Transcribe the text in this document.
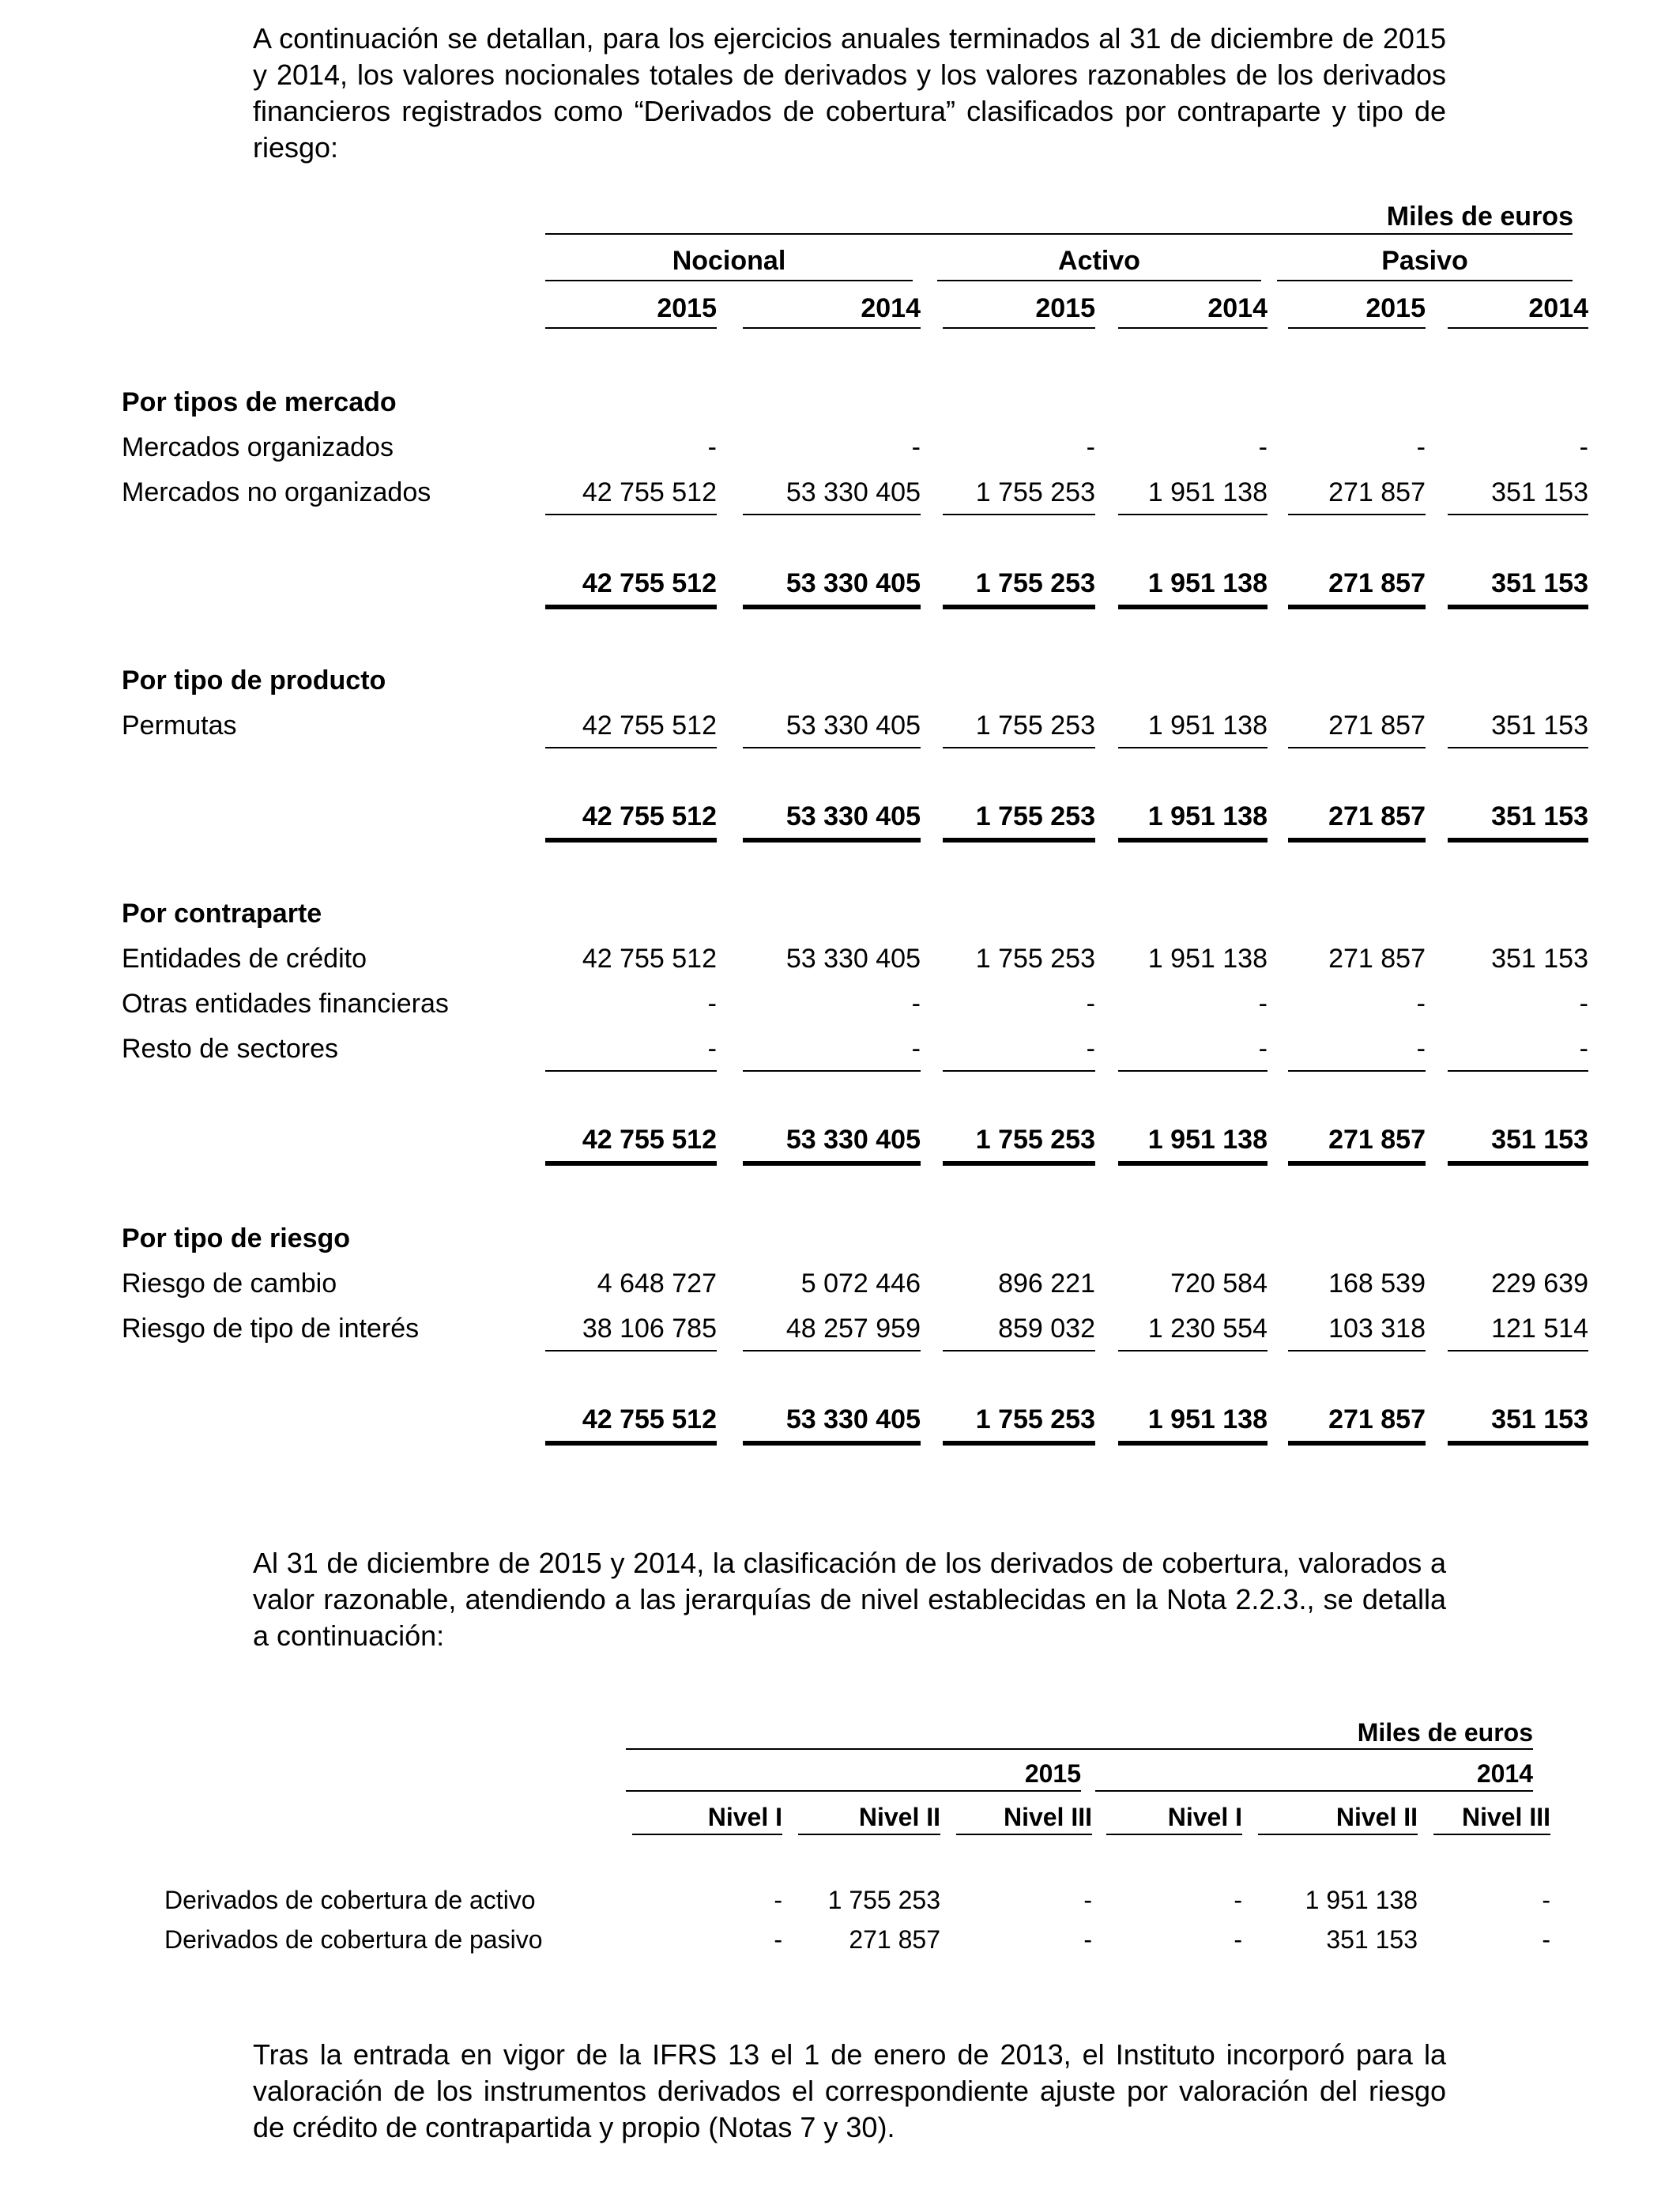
A continuación se detallan, para los ejercicios anuales terminados al 31 de diciembre de 2015 y 2014, los valores nocionales totales de derivados y los valores razonables de los derivados financieros registrados como “Derivados de cobertura” clasificados por contraparte y tipo de riesgo:

Miles de euros
Nocional	Activo	Pasivo
2015	2014	2015	2014	2015	2014
Por tipos de mercado
Mercados organizados	-	-	-	-	-	-
Mercados no organizados	42 755 512	53 330 405	1 755 253	1 951 138	271 857	351 153
42 755 512	53 330 405	1 755 253	1 951 138	271 857	351 153
Por tipo de producto
Permutas	42 755 512	53 330 405	1 755 253	1 951 138	271 857	351 153
42 755 512	53 330 405	1 755 253	1 951 138	271 857	351 153
Por contraparte
Entidades de crédito	42 755 512	53 330 405	1 755 253	1 951 138	271 857	351 153
Otras entidades financieras	-	-	-	-	-	-
Resto de sectores	-	-	-	-	-	-
42 755 512	53 330 405	1 755 253	1 951 138	271 857	351 153
Por tipo de riesgo
Riesgo de cambio	4 648 727	5 072 446	896 221	720 584	168 539	229 639
Riesgo de tipo de interés	38 106 785	48 257 959	859 032	1 230 554	103 318	121 514
42 755 512	53 330 405	1 755 253	1 951 138	271 857	351 153

Al 31 de diciembre de 2015 y 2014, la clasificación de los derivados de cobertura, valorados a valor razonable, atendiendo a las jerarquías de nivel establecidas en la Nota 2.2.3., se detalla a continuación:

Miles de euros
2015	2014
Nivel I	Nivel II	Nivel III	Nivel I	Nivel II	Nivel III
Derivados de cobertura de activo	-	1 755 253	-	-	1 951 138	-
Derivados de cobertura de pasivo	-	271 857	-	-	351 153	-

Tras la entrada en vigor de la IFRS 13 el 1 de enero de 2013, el Instituto incorporó para la valoración de los instrumentos derivados el correspondiente ajuste por valoración del riesgo de crédito de contrapartida y propio (Notas 7 y 30).
